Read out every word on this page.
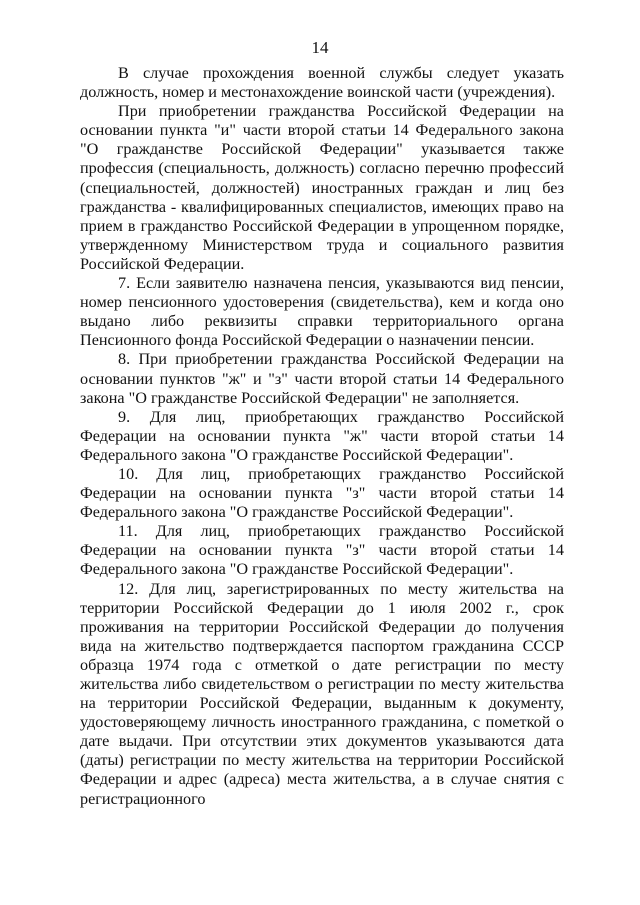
14

В случае прохождения военной службы следует указать должность, номер и местонахождение воинской части (учреждения).

При приобретении гражданства Российской Федерации на основании пункта "и" части второй статьи 14 Федерального закона "О гражданстве Российской Федерации" указывается также профессия (специальность, должность) согласно перечню профессий (специальностей, должностей) иностранных граждан и лиц без гражданства - квалифицированных специалистов, имеющих право на прием в гражданство Российской Федерации в упрощенном порядке, утвержденному Министерством труда и социального развития Российской Федерации.

7. Если заявителю назначена пенсия, указываются вид пенсии, номер пенсионного удостоверения (свидетельства), кем и когда оно выдано либо реквизиты справки территориального органа Пенсионного фонда Российской Федерации о назначении пенсии.

8. При приобретении гражданства Российской Федерации на основании пунктов "ж" и "з" части второй статьи 14 Федерального закона "О гражданстве Российской Федерации" не заполняется.

9. Для лиц, приобретающих гражданство Российской Федерации на основании пункта "ж" части второй статьи 14 Федерального закона "О гражданстве Российской Федерации".

10. Для лиц, приобретающих гражданство Российской Федерации на основании пункта "з" части второй статьи 14 Федерального закона "О гражданстве Российской Федерации".

11. Для лиц, приобретающих гражданство Российской Федерации на основании пункта "з" части второй статьи 14 Федерального закона "О гражданстве Российской Федерации".

12. Для лиц, зарегистрированных по месту жительства на территории Российской Федерации до 1 июля 2002 г., срок проживания на территории Российской Федерации до получения вида на жительство подтверждается паспортом гражданина СССР образца 1974 года с отметкой о дате регистрации по месту жительства либо свидетельством о регистрации по месту жительства на территории Российской Федерации, выданным к документу, удостоверяющему личность иностранного гражданина, с пометкой о дате выдачи. При отсутствии этих документов указываются дата (даты) регистрации по месту жительства на территории Российской Федерации и адрес (адреса) места жительства, а в случае снятия с регистрационного
